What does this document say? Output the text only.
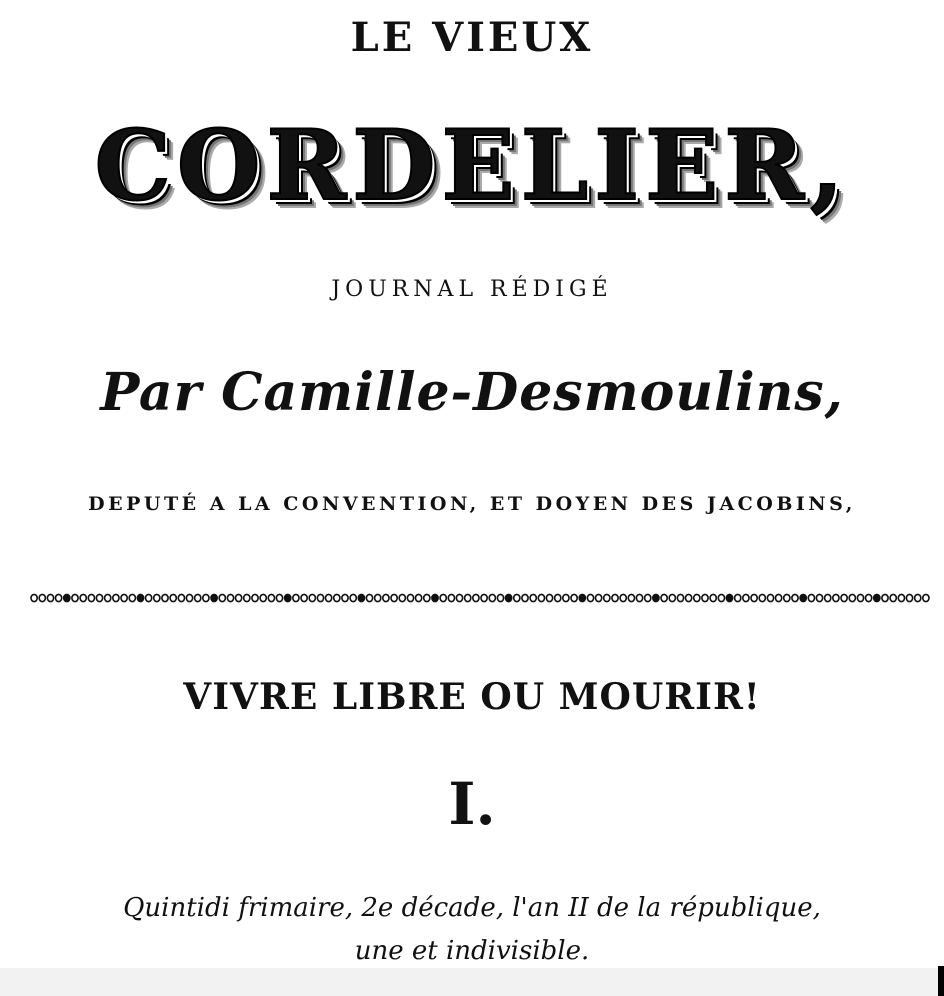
LE VIEUX
CORDELIER,
JOURNAL RÉDIGÉ
Par Camille-Desmoulins,
DEPUTÉ A LA CONVENTION, ET DOYEN DES JACOBINS,
VIVRE LIBRE OU MOURIR!
I.
Quintidi frimaire, 2e décade, l'an II de la république,
une et indivisible.
